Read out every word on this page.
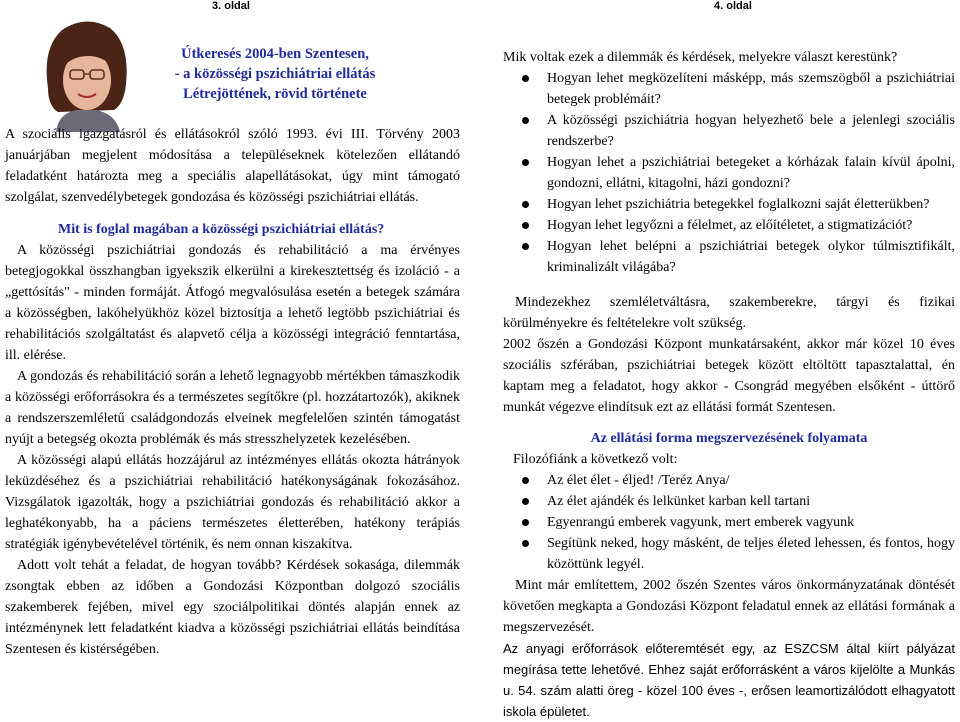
3. oldal	4. oldal
Útkeresés 2004-ben Szentesen,
- a közösségi pszichiátriai ellátás
Létrejöttének, rövid története

A szociális igazgatásról és ellátásokról szóló 1993. évi III. Törvény 2003 januárjában megjelent módosítása a településeknek kötelezően ellátandó feladatként határozta meg a speciális alapellátásokat, úgy mint támogató szolgálat, szenvedélybetegek gondozása és közösségi pszichiátriai ellátás.

Mit is foglal magában a közösségi pszichiátriai ellátás?

A közösségi pszichiátriai gondozás és rehabilitáció a ma érvényes betegjogokkal összhangban igyekszik elkerülni a kirekesztettség és izoláció - a „gettósítás" - minden formáját. Átfogó megvalósulása esetén a betegek számára a közösségben, lakóhelyükhöz közel biztosítja a lehető legtöbb pszichiátriai és rehabilitációs szolgáltatást és alapvető célja a közösségi integráció fenntartása, ill. elérése.

A gondozás és rehabilitáció során a lehető legnagyobb mértékben támaszkodik a közösségi erőforrásokra és a természetes segítőkre (pl. hozzátartozók), akiknek a rendszerszemléletű családgondozás elveinek megfelelően szintén támogatást nyújt a betegség okozta problémák és más stresszhelyzetek kezelésében.

A közösségi alapú ellátás hozzájárul az intézményes ellátás okozta hátrányok leküzdéséhez és a pszichiátriai rehabilitáció hatékonyságának fokozásához. Vizsgálatok igazolták, hogy a pszichiátriai gondozás és rehabilitáció akkor a leghatékonyabb, ha a páciens természetes életterében, hatékony terápiás stratégiák igénybevételével történik, és nem onnan kiszakítva.

Adott volt tehát a feladat, de hogyan tovább? Kérdések sokasága, dilemmák zsongtak ebben az időben a Gondozási Központban dolgozó szociális szakemberek fejében, mivel egy szociálpolitikai döntés alapján ennek az intézménynek lett feladatként kiadva a közösségi pszichiátriai ellátás beindítása Szentesen és kistérségében.

Mik voltak ezek a dilemmák és kérdések, melyekre választ kerestünk?

Hogyan lehet megközelíteni másképp, más szemszögből a pszichiátriai betegek problémáit?
A közösségi pszichiátria hogyan helyezhető bele a jelenlegi szociális rendszerbe?
Hogyan lehet a pszichiátriai betegeket a kórházak falain kívül ápolni, gondozni, ellátni, kitagolni, házi gondozni?
Hogyan lehet pszichiátria betegekkel foglalkozni saját életterükben?
Hogyan lehet legyőzni a félelmet, az előítéletet, a stigmatizációt?
Hogyan lehet belépni a pszichiátriai betegek olykor túlmisztifikált, kriminalizált világába?

Mindezekhez szemléletváltásra, szakemberekre, tárgyi és fizikai körülményekre és feltételekre volt szükség.

2002 őszén a Gondozási Központ munkatársaként, akkor már közel 10 éves szociális szférában, pszichiátriai betegek között eltöltött tapasztalattal, én kaptam meg a feladatot, hogy akkor - Csongrád megyében elsőként - úttörő munkát végezve elindítsuk ezt az ellátási formát Szentesen.

Az ellátási forma megszervezésének folyamata

Filozófiánk a következő volt:

Az élet élet - éljed! /Teréz Anya/
Az élet ajándék és lelkünket karban kell tartani
Egyenrangú emberek vagyunk, mert emberek vagyunk
Segítünk neked, hogy másként, de teljes életed lehessen, és fontos, hogy közöttünk legyél.

Mint már említettem, 2002 őszén Szentes város önkormányzatának döntését követően megkapta a Gondozási Központ feladatul ennek az ellátási formának a megszervezését.

Az anyagi erőforrások előteremtését egy, az ESZCSM által kiírt pályázat megírása tette lehetővé. Ehhez saját erőforrásként a város kijelölte a Munkás u. 54. szám alatti öreg - közel 100 éves -, erősen leamortizálódott elhagyatott iskola épületet.
